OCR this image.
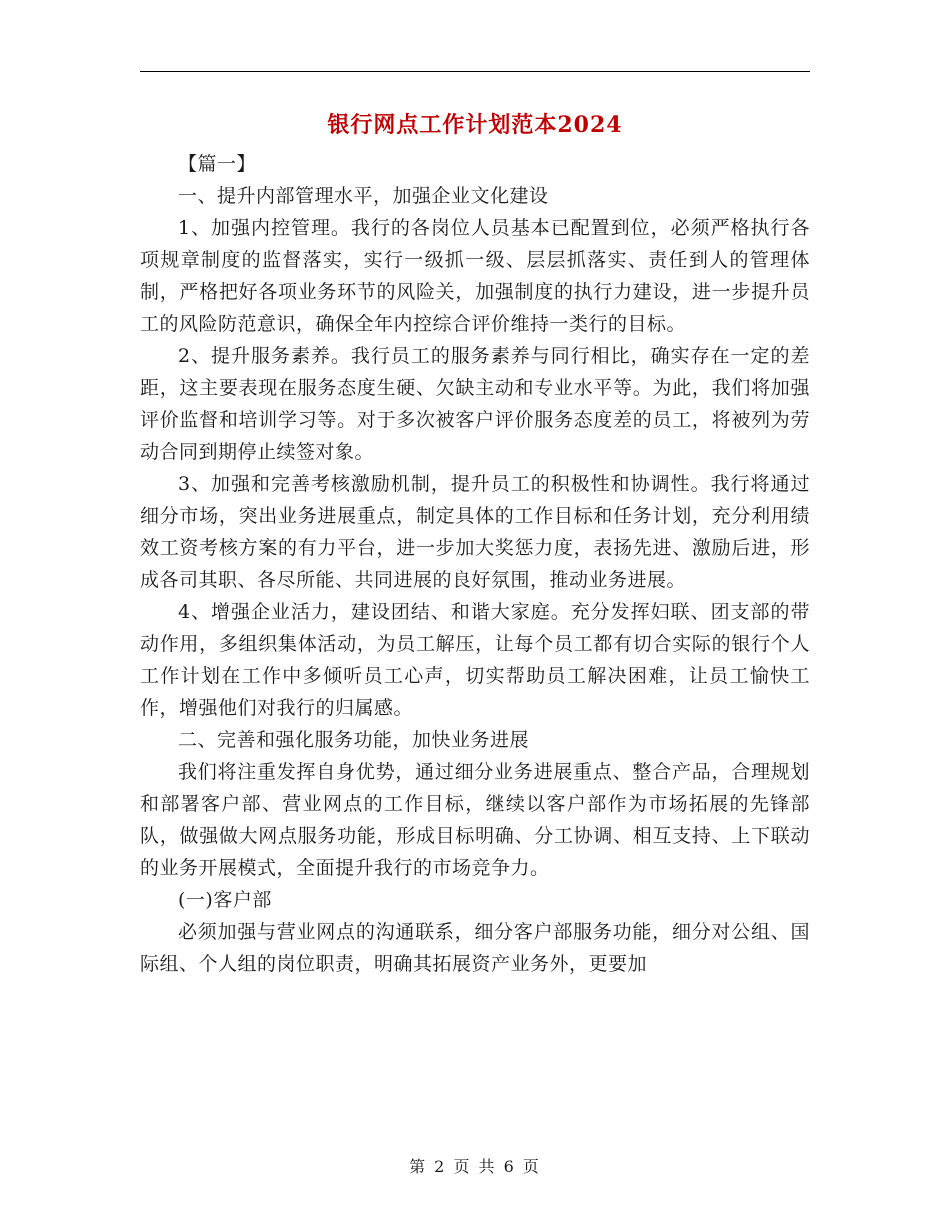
银行网点工作计划范本2024

【篇一】

一、提升内部管理水平，加强企业文化建设

1、加强内控管理。我行的各岗位人员基本已配置到位，必须严格执行各项规章制度的监督落实，实行一级抓一级、层层抓落实、责任到人的管理体制，严格把好各项业务环节的风险关，加强制度的执行力建设，进一步提升员工的风险防范意识，确保全年内控综合评价维持一类行的目标。

2、提升服务素养。我行员工的服务素养与同行相比，确实存在一定的差距，这主要表现在服务态度生硬、欠缺主动和专业水平等。为此，我们将加强评价监督和培训学习等。对于多次被客户评价服务态度差的员工，将被列为劳动合同到期停止续签对象。

3、加强和完善考核激励机制，提升员工的积极性和协调性。我行将通过细分市场，突出业务进展重点，制定具体的工作目标和任务计划，充分利用绩效工资考核方案的有力平台，进一步加大奖惩力度，表扬先进、激励后进，形成各司其职、各尽所能、共同进展的良好氛围，推动业务进展。

4、增强企业活力，建设团结、和谐大家庭。充分发挥妇联、团支部的带动作用，多组织集体活动，为员工解压，让每个员工都有切合实际的银行个人工作计划在工作中多倾听员工心声，切实帮助员工解决困难，让员工愉快工作，增强他们对我行的归属感。

二、完善和强化服务功能，加快业务进展

我们将注重发挥自身优势，通过细分业务进展重点、整合产品，合理规划和部署客户部、营业网点的工作目标，继续以客户部作为市场拓展的先锋部队，做强做大网点服务功能，形成目标明确、分工协调、相互支持、上下联动的业务开展模式，全面提升我行的市场竞争力。

(一)客户部

必须加强与营业网点的沟通联系，细分客户部服务功能，细分对公组、国际组、个人组的岗位职责，明确其拓展资产业务外，更要加

第 2 页 共 6 页
